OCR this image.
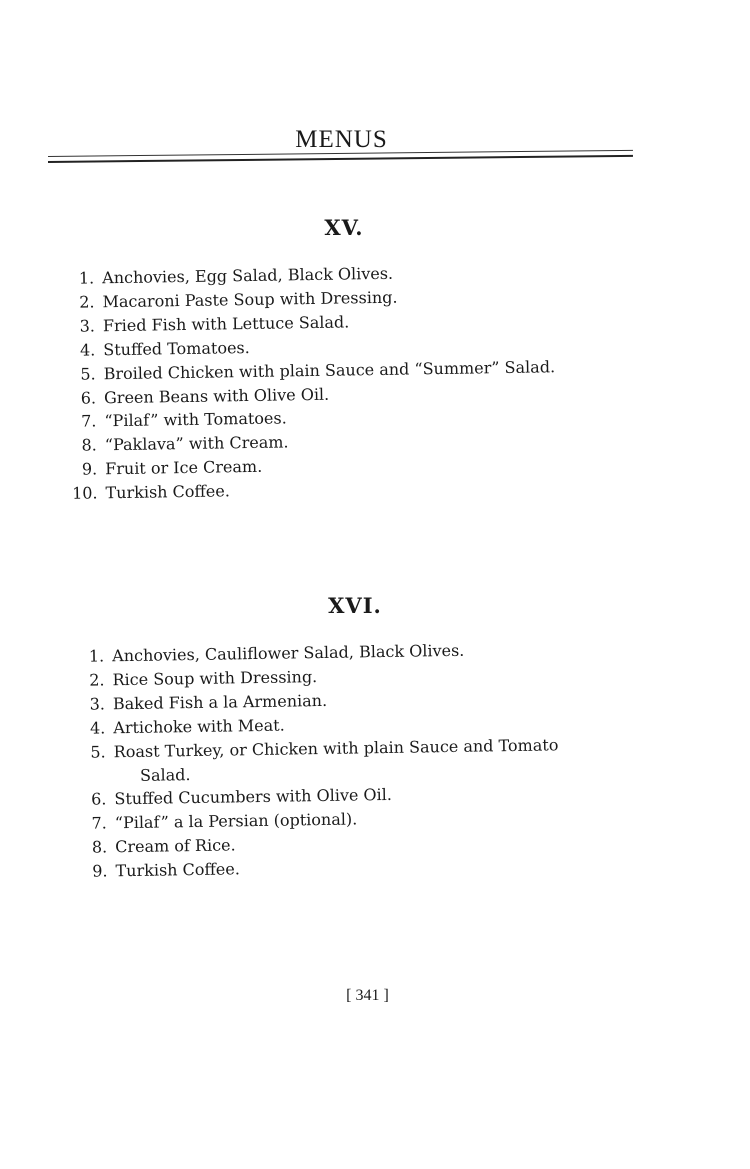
MENUS
XV.
1. Anchovies, Egg Salad, Black Olives.
2. Macaroni Paste Soup with Dressing.
3. Fried Fish with Lettuce Salad.
4. Stuffed Tomatoes.
5. Broiled Chicken with plain Sauce and “Summer” Salad.
6. Green Beans with Olive Oil.
7. “Pilaf” with Tomatoes.
8. “Paklava” with Cream.
9. Fruit or Ice Cream.
10. Turkish Coffee.
XVI.
1. Anchovies, Cauliflower Salad, Black Olives.
2. Rice Soup with Dressing.
3. Baked Fish a la Armenian.
4. Artichoke with Meat.
5. Roast Turkey, or Chicken with plain Sauce and Tomato
Salad.
6. Stuffed Cucumbers with Olive Oil.
7. “Pilaf” a la Persian (optional).
8. Cream of Rice.
9. Turkish Coffee.
[ 341 ]
